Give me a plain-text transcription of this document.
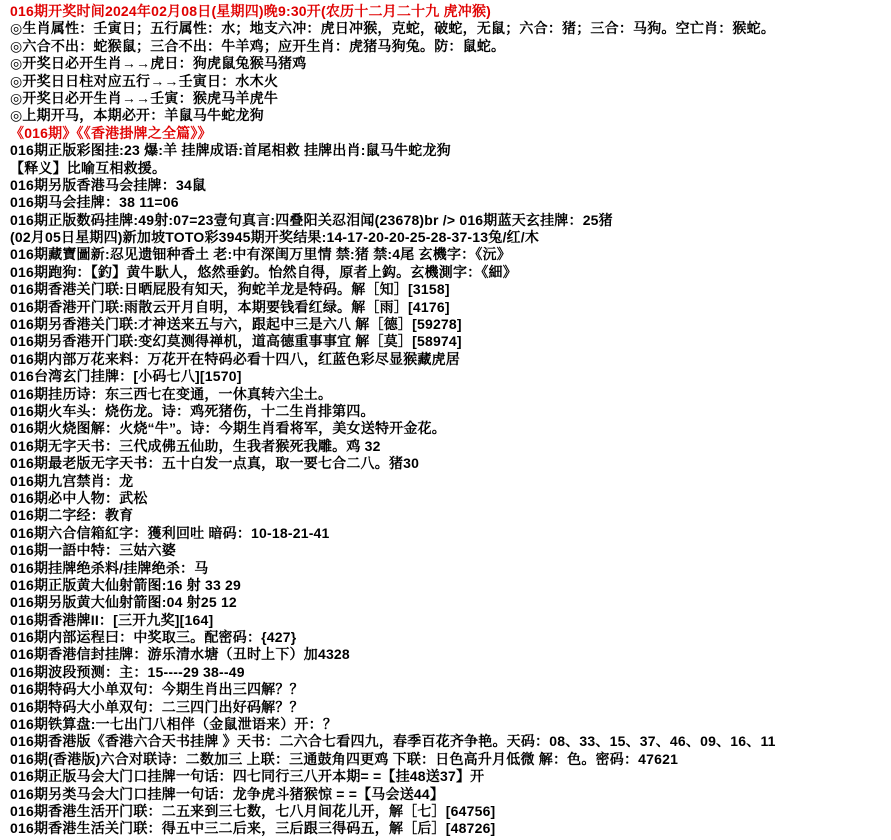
016期开奖时间2024年02月08日(星期四)晚9:30开(农历十二月二十九 虎冲猴)
◎生肖属性：壬寅日；五行属性：水；地支六冲：虎日冲猴，克蛇，破蛇，无鼠；六合：猪；三合：马狗。空亡肖：猴蛇。
◎六合不出：蛇猴鼠；三合不出：牛羊鸡；应开生肖：虎猪马狗兔。防：鼠蛇。
◎开奖日必开生肖→→虎日：狗虎鼠兔猴马猪鸡
◎开奖日日柱对应五行→→壬寅日：水木火
◎开奖日必开生肖→→壬寅：猴虎马羊虎牛
◎上期开马，本期必开：羊鼠马牛蛇龙狗
《016期》《《香港掛牌之全篇》》
016期正版彩图挂:23 爆:羊 挂牌成语:首尾相救 挂牌出肖:鼠马牛蛇龙狗
【释义】比喻互相救援。
016期另版香港马会挂牌：34鼠
016期马会挂牌：38 11=06
016期正版数码挂牌:49射:07=23壹句真言:四叠阳关忍泪闻(23678)br /> 016期蓝天玄挂牌：25猪
(02月05日星期四)新加坡TOTO彩3945期开奖结果:14-17-20-20-25-28-37-13兔/红/木
016期藏寶圖新:忍见遗钿种香土 老:中有深闺万里情 禁:猪 禁:4尾 玄機字：《沅》
016期跑狗：【釣】黄牛馱人，悠然垂釣。怡然自得，原者上鈎。玄機測字：《細》
016期香港关门联:日晒屁股有知天，狗蛇羊龙是特码。解［知］[3158]
016期香港开门联:雨散云开月自明，本期要钱看红绿。解［雨］[4176]
016期另香港关门联:才神送来五与六，跟起中三是六八 解［德］[59278]
016期另香港开门联:变幻莫测得禅机，道高德重事事宜 解［莫］[58974]
016期内部万花来料：万花开在特码必看十四八，红蓝色彩尽显猴藏虎居
016台湾玄门挂牌：[小码七八][1570]
016期挂历诗：东三西七在变通，一休真转六尘土。
016期火车头：烧伤龙。诗：鸡死猪伤，十二生肖排第四。
016期火烧图解：火烧“牛”。诗：今期生肖看将军，美女送特开金花。
016期无字天书：三代成佛五仙助，生我者猴死我雕。鸡 32
016期最老版无字天书：五十白发一点真，取一要七合二八。猪30
016期九宫禁肖：龙
016期必中人物：武松
016期二字经：教育
016期六合信箱紅字：獲利回吐 暗码：10-18-21-41
016期一語中特：三姑六婆
016期挂牌绝杀料/挂牌绝杀：马
016期正版黄大仙射箭图:16 射 33 29
016期另版黄大仙射箭图:04 射25 12
016期香港牌II：[三开九奖][164]
016期内部运程曰：中奖取三。配密码：{427}
016期香港信封挂牌：游乐清水塘（丑时上下）加4328
016期波段预测：主：15----29 38--49
016期特码大小单双句：今期生肖出三四解？？
016期特码大小单双句：二三四门出好码解？？
016期铁算盘:一七出门八相伴（金鼠泄语来）开：？
016期香港版《香港六合天书挂牌 》天书：二六合七看四九，春季百花齐争艳。天码：08、33、15、37、46、09、16、11
016期(香港版)六合对联诗：二数加三 上联：三通鼓角四更鸡 下联：日色高升月低微 解：色。密码：47621
016期正版马会大门口挂牌一句话：四七同行三八开本期= =【挂48送37】开
016期另类马会大门口挂牌一句话：龙争虎斗猪猴惊 = =【马会送44】
016期香港生活开门联：二五来到三七数，七八月间花儿开，解［七］[64756]
016期香港生活关门联：得五中三二后来，三后跟三得码五，解［后］[48726]
